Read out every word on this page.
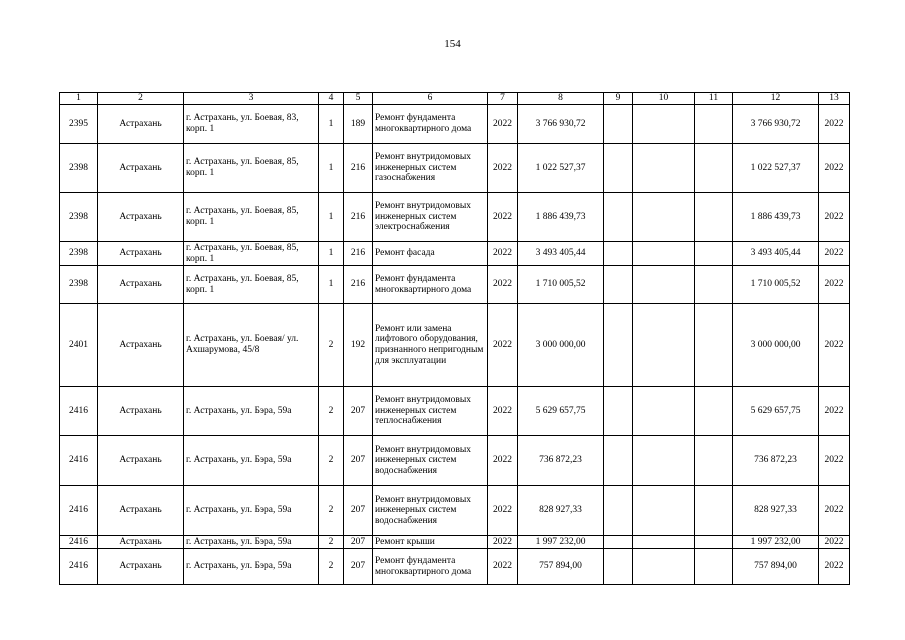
154
1	2	3	4	5	6	7	8	9	10	11	12	13
2395	Астрахань	г. Астрахань, ул. Боевая, 83, корп. 1	1	189	Ремонт фундамента многоквартирного дома	2022	3 766 930,72				3 766 930,72	2022
2398	Астрахань	г. Астрахань, ул. Боевая, 85, корп. 1	1	216	Ремонт внутридомовых инженерных систем газоснабжения	2022	1 022 527,37				1 022 527,37	2022
2398	Астрахань	г. Астрахань, ул. Боевая, 85, корп. 1	1	216	Ремонт внутридомовых инженерных систем электроснабжения	2022	1 886 439,73				1 886 439,73	2022
2398	Астрахань	г. Астрахань, ул. Боевая, 85, корп. 1	1	216	Ремонт фасада	2022	3 493 405,44				3 493 405,44	2022
2398	Астрахань	г. Астрахань, ул. Боевая, 85, корп. 1	1	216	Ремонт фундамента многоквартирного дома	2022	1 710 005,52				1 710 005,52	2022
2401	Астрахань	г. Астрахань, ул. Боевая/ ул. Ахшарумова, 45/8	2	192	Ремонт или замена лифтового оборудования, признанного непригодным для эксплуатации	2022	3 000 000,00				3 000 000,00	2022
2416	Астрахань	г. Астрахань, ул. Бэра, 59а	2	207	Ремонт внутридомовых инженерных систем теплоснабжения	2022	5 629 657,75				5 629 657,75	2022
2416	Астрахань	г. Астрахань, ул. Бэра, 59а	2	207	Ремонт внутридомовых инженерных систем водоснабжения	2022	736 872,23				736 872,23	2022
2416	Астрахань	г. Астрахань, ул. Бэра, 59а	2	207	Ремонт внутридомовых инженерных систем водоснабжения	2022	828 927,33				828 927,33	2022
2416	Астрахань	г. Астрахань, ул. Бэра, 59а	2	207	Ремонт крыши	2022	1 997 232,00				1 997 232,00	2022
2416	Астрахань	г. Астрахань, ул. Бэра, 59а	2	207	Ремонт фундамента многоквартирного дома	2022	757 894,00				757 894,00	2022
